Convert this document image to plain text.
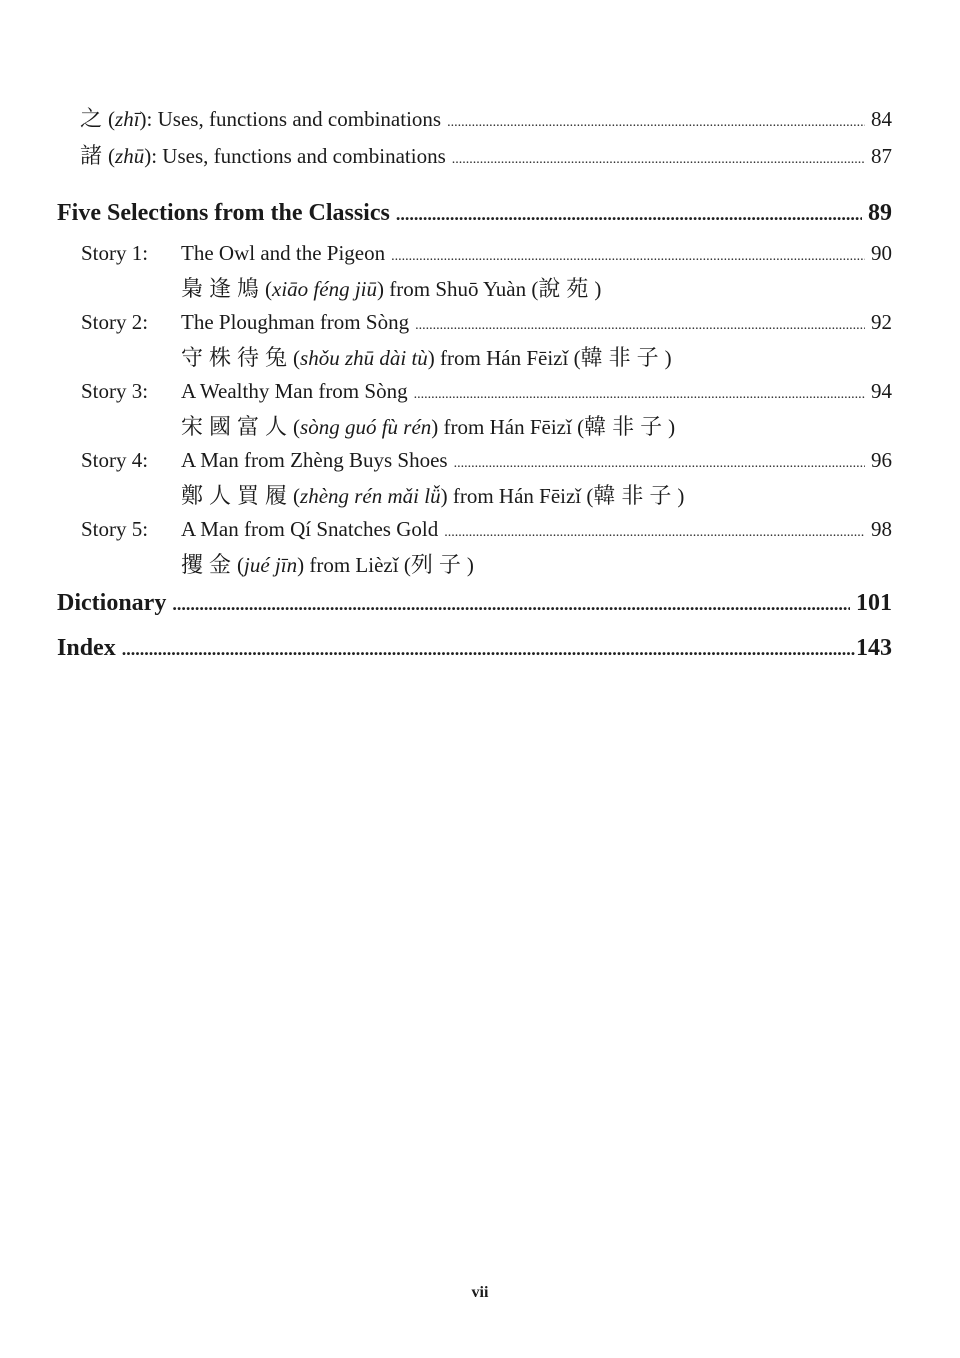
之(zhī): Uses, functions and combinations .....	84
諸(zhū): Uses, functions and combinations .....	87
Five Selections from the Classics .....	89
Story 1: The Owl and the Pigeon .....	90
梟逢鳩(xiāo féng jiū) from Shuō Yuàn (說苑)
Story 2: The Ploughman from Sòng .....	92
守株待兔(shǒu zhū dài tù) from Hán Fēizǐ (韓非子)
Story 3: A Wealthy Man from Sòng .....	94
宋國富人(sòng guó fù rén) from Hán Fēizǐ (韓非子)
Story 4: A Man from Zhèng Buys Shoes .....	96
鄭人買履(zhèng rén mǎi lǚ) from Hán Fēizǐ (韓非子)
Story 5: A Man from Qí Snatches Gold .....	98
攫金(jué jīn) from Lièzǐ (列子)
Dictionary .....	101
Index .....	143
vii
